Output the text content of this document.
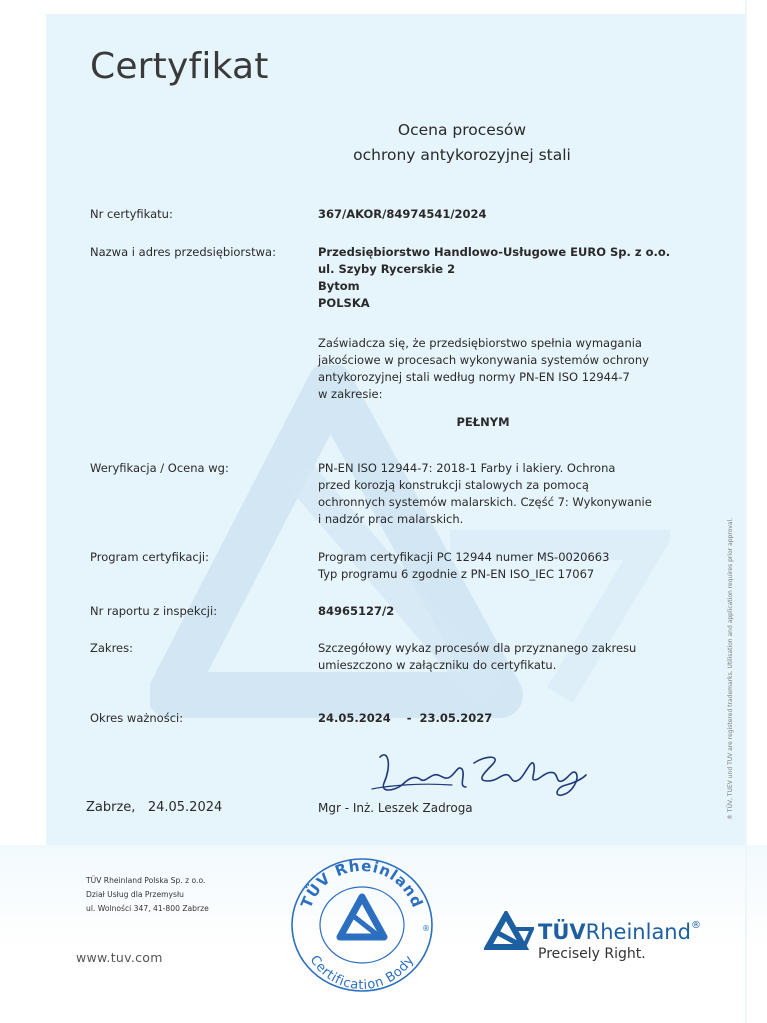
Certyfikat
Ocena procesów
ochrony antykorozyjnej stali
Nr certyfikatu:	367/AKOR/84974541/2024
Nazwa i adres przedsiębiorstwa:	Przedsiębiorstwo Handlowo-Usługowe EURO Sp. z o.o.
ul. Szyby Rycerskie 2
Bytom
POLSKA
Zaświadcza się, że przedsiębiorstwo spełnia wymagania
jakościowe w procesach wykonywania systemów ochrony
antykorozyjnej stali według normy PN-EN ISO 12944-7
w zakresie:
PEŁNYM
Weryfikacja / Ocena wg:	PN-EN ISO 12944-7: 2018-1 Farby i lakiery. Ochrona
przed korozją konstrukcji stalowych za pomocą
ochronnych systemów malarskich. Część 7: Wykonywanie
i nadzór prac malarskich.
Program certyfikacji:	Program certyfikacji PC 12944 numer MS-0020663
Typ programu 6 zgodnie z PN-EN ISO_IEC 17067
Nr raportu z inspekcji:	84965127/2
Zakres:	Szczegółowy wykaz procesów dla przyznanego zakresu
umieszczono w załączniku do certyfikatu.
Okres ważności:	24.05.2024    -  23.05.2027
Zabrze,   24.05.2024	Mgr - Inż. Leszek Zadroga	® TÜV, TUEV und TUV are registered trademarks. Utilisation and application requires prior approval.
TÜV Rheinland Polska Sp. z o.o.
Dział Usług dla Przemysłu
ul. Wolności 347, 41-800 Zabrze
www.tuv.com
TÜV Rheinland
Certification Body
®	TÜVRheinland®
Precisely Right.
